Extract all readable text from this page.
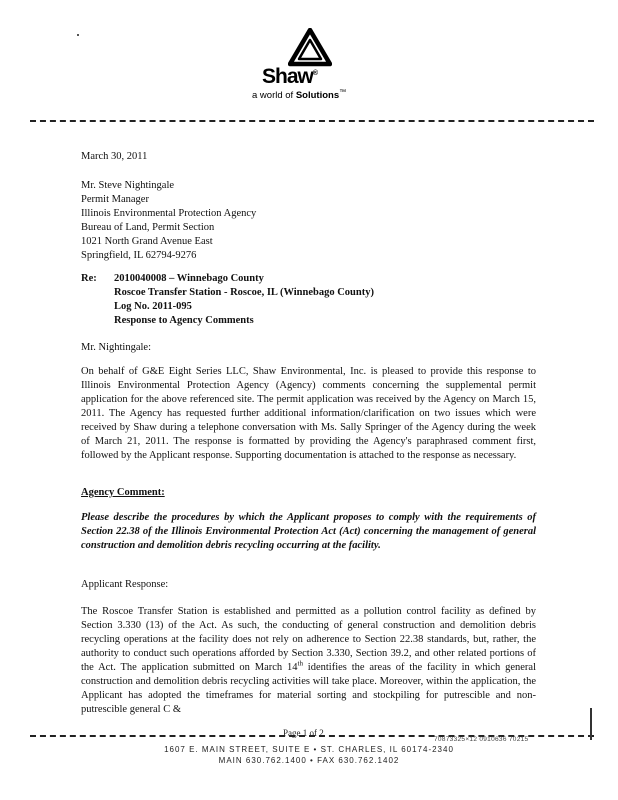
Shaw®
a world of Solutions™
March 30, 2011
Mr. Steve Nightingale
Permit Manager
Illinois Environmental Protection Agency
Bureau of Land, Permit Section
1021 North Grand Avenue East
Springfield, IL 62794-9276
Re: 2010040008 – Winnebago County
Roscoe Transfer Station - Roscoe, IL (Winnebago County)
Log No. 2011-095
Response to Agency Comments
Mr. Nightingale:
On behalf of G&E Eight Series LLC, Shaw Environmental, Inc. is pleased to provide this response to Illinois Environmental Protection Agency (Agency) comments concerning the supplemental permit application for the above referenced site. The permit application was received by the Agency on March 15, 2011. The Agency has requested further additional information/clarification on two issues which were received by Shaw during a telephone conversation with Ms. Sally Springer of the Agency during the week of March 21, 2011. The response is formatted by providing the Agency's paraphrased comment first, followed by the Applicant response. Supporting documentation is attached to the response as necessary.
Agency Comment:
Please describe the procedures by which the Applicant proposes to comply with the requirements of Section 22.38 of the Illinois Environmental Protection Act (Act) concerning the management of general construction and demolition debris recycling occurring at the facility.
Applicant Response:
The Roscoe Transfer Station is established and permitted as a pollution control facility as defined by Section 3.330 (13) of the Act. As such, the conducting of general construction and demolition debris recycling operations at the facility does not rely on adherence to Section 22.38 standards, but, rather, the authority to conduct such operations afforded by Section 3.330, Section 39.2, and other related portions of the Act. The application submitted on March 14th identifies the areas of the facility in which general construction and demolition debris recycling activities will take place. Moreover, within the application, the Applicant has adopted the timeframes for material sorting and stockpiling for putrescible and non-putrescible general C &
Page 1 of 2
70873325×12 0910636 70215
1607 E. MAIN STREET, SUITE E • ST. CHARLES, IL 60174-2340
MAIN 630.762.1400 • FAX 630.762.1402
